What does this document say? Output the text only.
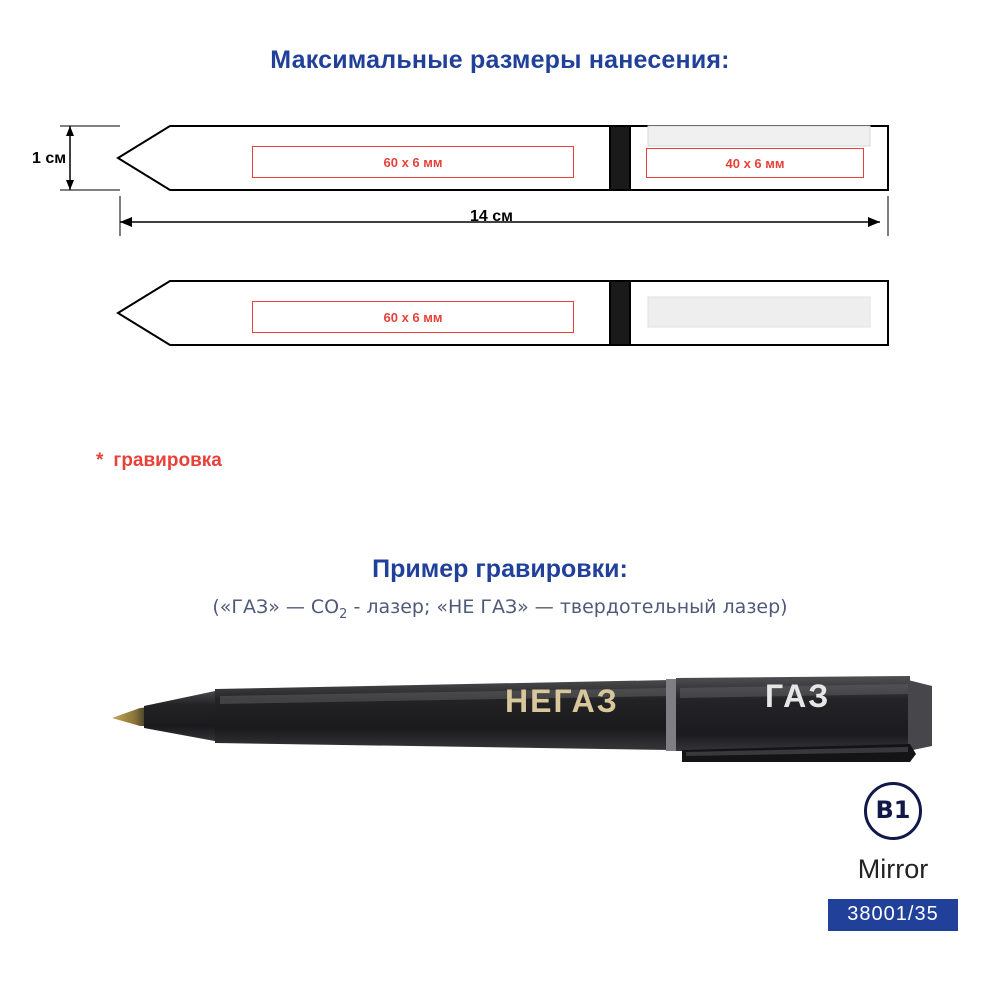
Максимальные размеры нанесения:
1 см
14 см
60 x 6 мм	40 x 6 мм
60 x 6 мм
* гравировка
Пример гравировки:
(«ГАЗ» — $СО_2$ - лазер; «НЕ ГАЗ» — твердотельный лазер)
НЕГАЗ	ГАЗ
B1
Mirror
38001/35
